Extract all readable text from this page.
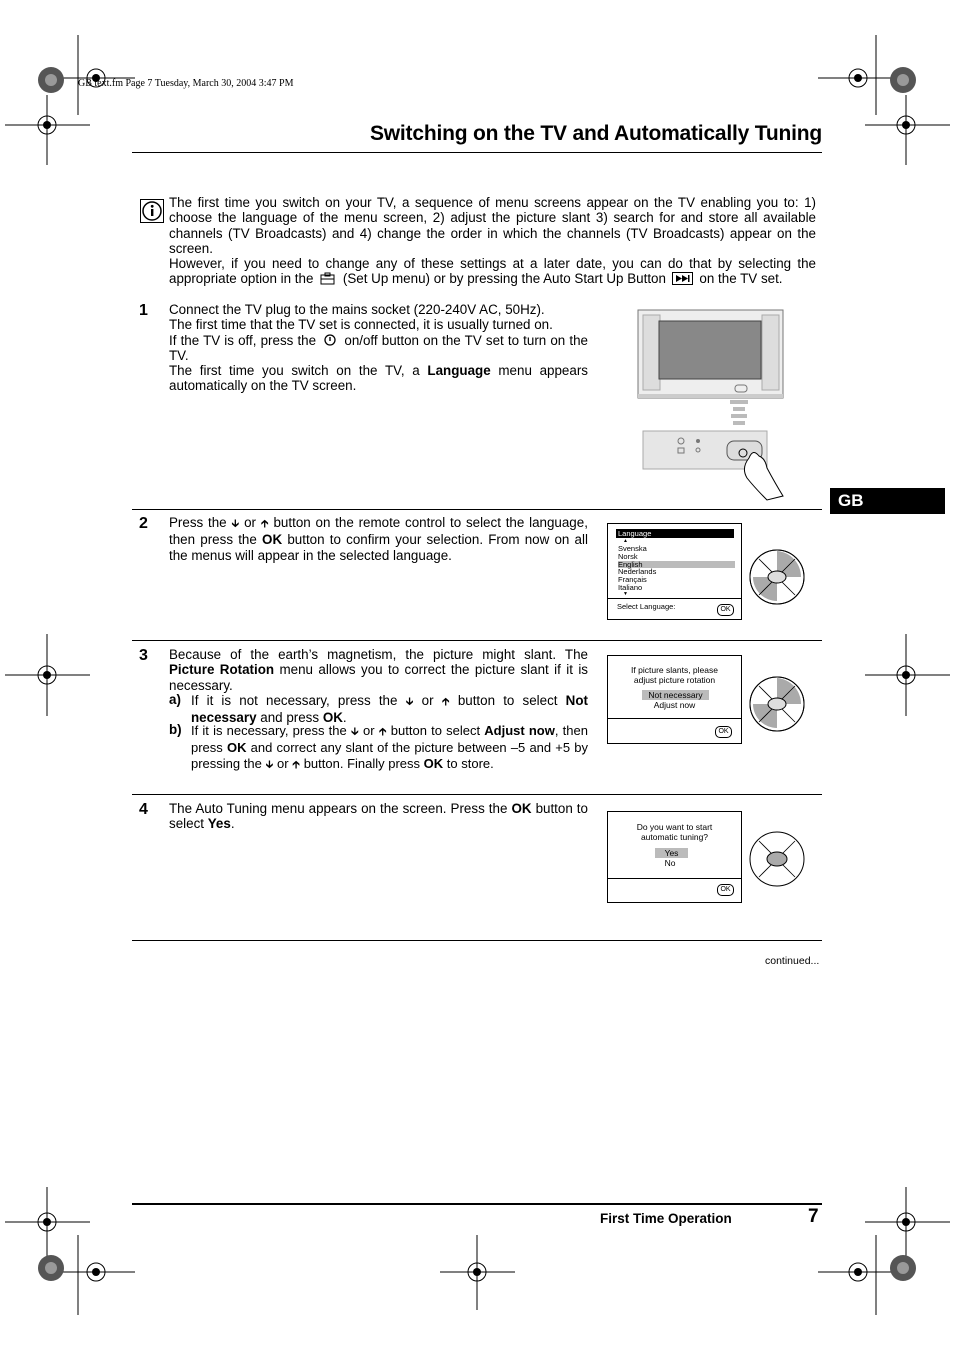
GB text.fm Page 7 Tuesday, March 30, 2004 3:47 PM
Switching on the TV and Automatically Tuning
GB
The first time you switch on your TV, a sequence of menu screens appear on the TV enabling you to: 1) choose the language of the menu screen, 2) adjust the picture slant 3) search for and store all available channels (TV Broadcasts) and 4) change the order in which the channels (TV Broadcasts) appear on the screen.
However, if you need to change any of these settings at a later date, you can do that by selecting the appropriate option in the (Set Up menu) or by pressing the Auto Start Up Button on the TV set.
1 Connect the TV plug to the mains socket (220-240V AC, 50Hz).
The first time that the TV set is connected, it is usually turned on.
If the TV is off, press the on/off button on the TV set to turn on the TV.
The first time you switch on the TV, a Language menu appears automatically on the TV screen.
2 Press the 🡳 or 🡱 button on the remote control to select the language, then press the OK button to confirm your selection. From now on all the menus will appear in the selected language.
Language
▲
Svenska
Norsk
English
Nederlands
Français
Italiano
▼
Select Language:	OK
3 Because of the earth’s magnetism, the picture might slant. The Picture Rotation menu allows you to correct the picture slant if it is necessary.
a) If it is not necessary, press the 🡳 or 🡱 button to select Not necessary and press OK.
b) If it is necessary, press the 🡳 or 🡱 button to select Adjust now, then press OK and correct any slant of the picture between –5 and +5 by pressing the 🡳 or 🡱 button. Finally press OK to store.
If picture slants, please
adjust picture rotation
Not necessary
Adjust now
OK
4 The Auto Tuning menu appears on the screen. Press the OK button to select Yes.	Do you want to start
automatic tuning?
Yes
No
OK
continued...
First Time Operation	7
